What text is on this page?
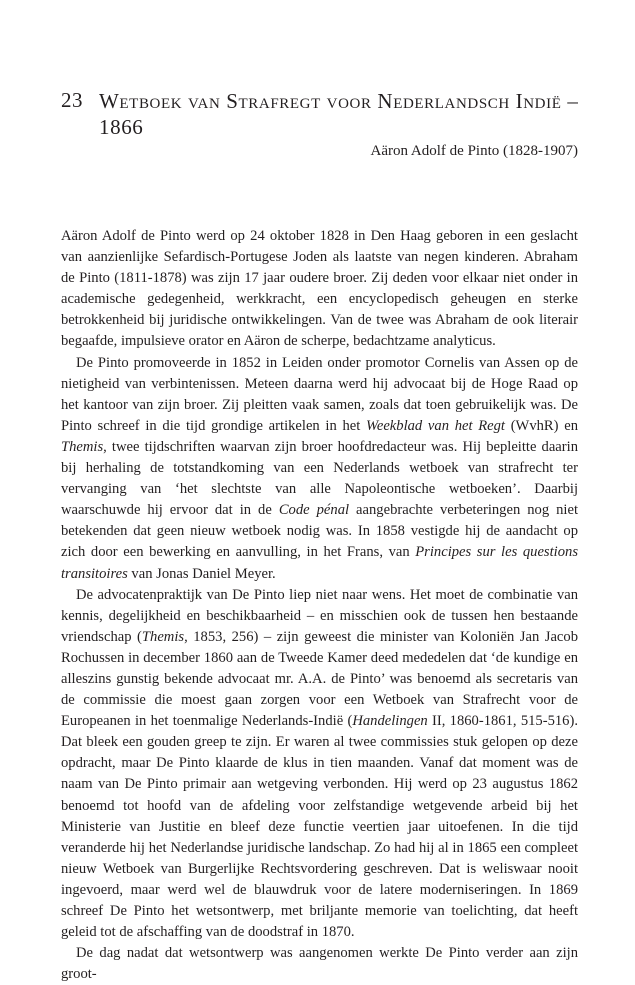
23 Wetboek van Strafregt voor Nederlandsch Indië – 1866
Aäron Adolf de Pinto (1828-1907)

Aäron Adolf de Pinto werd op 24 oktober 1828 in Den Haag geboren in een geslacht van aanzienlijke Sefardisch-Portugese Joden als laatste van negen kinderen. Abraham de Pinto (1811-1878) was zijn 17 jaar oudere broer. Zij deden voor elkaar niet onder in academische gedegenheid, werkkracht, een encyclopedisch geheugen en sterke betrokkenheid bij juridische ontwikkelingen. Van de twee was Abraham de ook literair begaafde, impulsieve orator en Aäron de scherpe, bedachtzame analyticus.

De Pinto promoveerde in 1852 in Leiden onder promotor Cornelis van Assen op de nietigheid van verbintenissen. Meteen daarna werd hij advocaat bij de Hoge Raad op het kantoor van zijn broer. Zij pleitten vaak samen, zoals dat toen gebruikelijk was. De Pinto schreef in die tijd grondige artikelen in het Weekblad van het Regt (WvhR) en Themis, twee tijdschriften waarvan zijn broer hoofdredacteur was. Hij bepleitte daarin bij herhaling de totstandkoming van een Nederlands wetboek van strafrecht ter vervanging van ‘het slechtste van alle Napoleontische wetboeken’. Daarbij waarschuwde hij ervoor dat in de Code pénal aangebrachte verbeteringen nog niet betekenden dat geen nieuw wetboek nodig was. In 1858 vestigde hij de aandacht op zich door een bewerking en aanvulling, in het Frans, van Principes sur les questions transitoires van Jonas Daniel Meyer.

De advocatenpraktijk van De Pinto liep niet naar wens. Het moet de combinatie van kennis, degelijkheid en beschikbaarheid – en misschien ook de tussen hen bestaande vriendschap (Themis, 1853, 256) – zijn geweest die minister van Koloniën Jan Jacob Rochussen in december 1860 aan de Tweede Kamer deed mededelen dat ‘de kundige en alleszins gunstig bekende advocaat mr. A.A. de Pinto’ was benoemd als secretaris van de commissie die moest gaan zorgen voor een Wetboek van Strafrecht voor de Europeanen in het toenmalige Nederlands-Indië (Handelingen II, 1860-1861, 515-516). Dat bleek een gouden greep te zijn. Er waren al twee commissies stuk gelopen op deze opdracht, maar De Pinto klaarde de klus in tien maanden. Vanaf dat moment was de naam van De Pinto primair aan wetgeving verbonden. Hij werd op 23 augustus 1862 benoemd tot hoofd van de afdeling voor zelfstandige wetgevende arbeid bij het Ministerie van Justitie en bleef deze functie veertien jaar uitoefenen. In die tijd veranderde hij het Nederlandse juridische landschap. Zo had hij al in 1865 een compleet nieuw Wetboek van Burgerlijke Rechtsvordering geschreven. Dat is weliswaar nooit ingevoerd, maar werd wel de blauwdruk voor de latere moderniseringen. In 1869 schreef De Pinto het wetsontwerp, met briljante memorie van toelichting, dat heeft geleid tot de afschaffing van de doodstraf in 1870.

De dag nadat dat wetsontwerp was aangenomen werkte De Pinto verder aan zijn groot-
